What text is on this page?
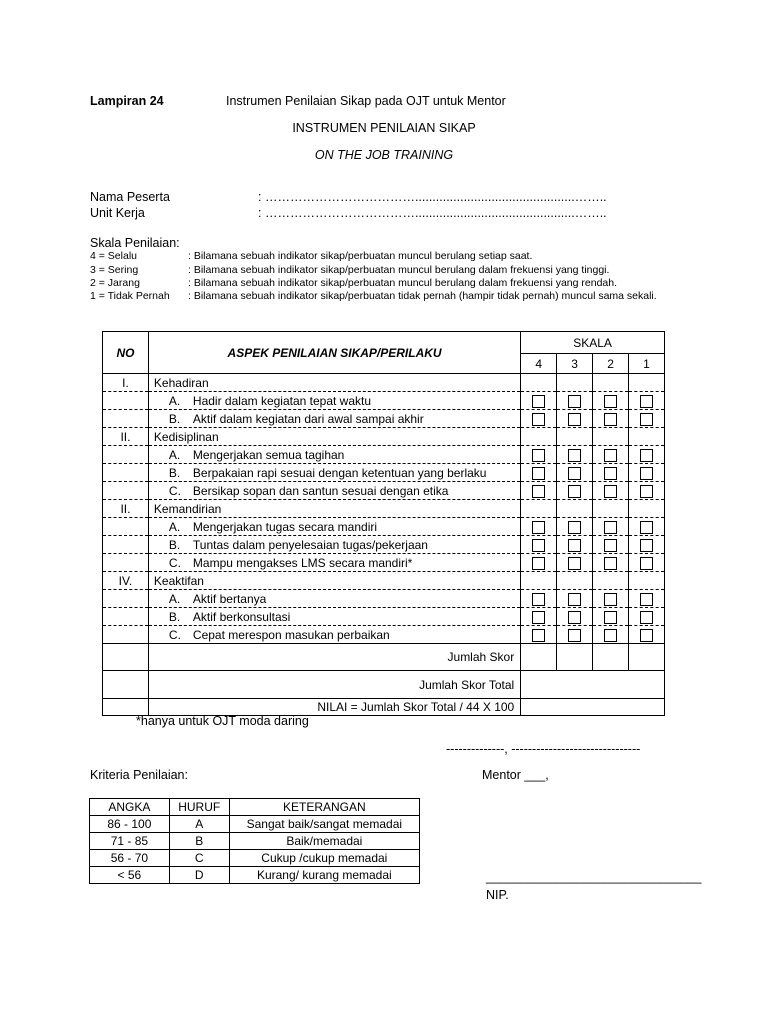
Lampiran 24	Instrumen Penilaian Sikap pada OJT untuk Mentor
INSTRUMEN PENILAIAN SIKAP
ON THE JOB TRAINING
Nama Peserta	: ………………………………..............................................……..
Unit Kerja	: ………………………………..............................................……..
Skala Penilaian:
4 = Selalu	: Bilamana sebuah indikator sikap/perbuatan muncul berulang setiap saat.
3 = Sering	: Bilamana sebuah indikator sikap/perbuatan muncul berulang dalam frekuensi yang tinggi.
2 = Jarang	: Bilamana sebuah indikator sikap/perbuatan muncul berulang dalam frekuensi yang rendah.
1 = Tidak Pernah : Bilamana sebuah indikator sikap/perbuatan tidak pernah (hampir tidak pernah) muncul sama sekali.
NO	ASPEK PENILAIAN SIKAP/PERILAKU	SKALA			
		4	3	2	1
I.	Kehadiran				
	A. Hadir dalam kegiatan tepat waktu				
	B. Aktif dalam kegiatan dari awal sampai akhir				
II.	Kedisiplinan				
	A. Mengerjakan semua tagihan				
	B. Berpakaian rapi sesuai dengan ketentuan yang berlaku				
	C. Bersikap sopan dan santun sesuai dengan etika				
II.	Kemandirian				
	A. Mengerjakan tugas secara mandiri				
	B. Tuntas dalam penyelesaian tugas/pekerjaan				
	C. Mampu mengakses LMS secara mandiri*				
IV.	Keaktifan				
	A. Aktif bertanya				
	B. Aktif berkonsultasi				
	C. Cepat merespon masukan perbaikan				
	Jumlah Skor				
	Jumlah Skor Total				
	NILAI = Jumlah Skor Total / 44 X 100				
*hanya untuk OJT moda daring
--------------, -------------------------------
Kriteria Penilaian:	Mentor ___,
ANGKA	HURUF	KETERANGAN
86 - 100	A	Sangat baik/sangat memadai
71 - 85	B	Baik/memadai
56 - 70	C	Cukup /cukup memadai
< 56	D	Kurang/ kurang memadai	_______________________________
NIP.
